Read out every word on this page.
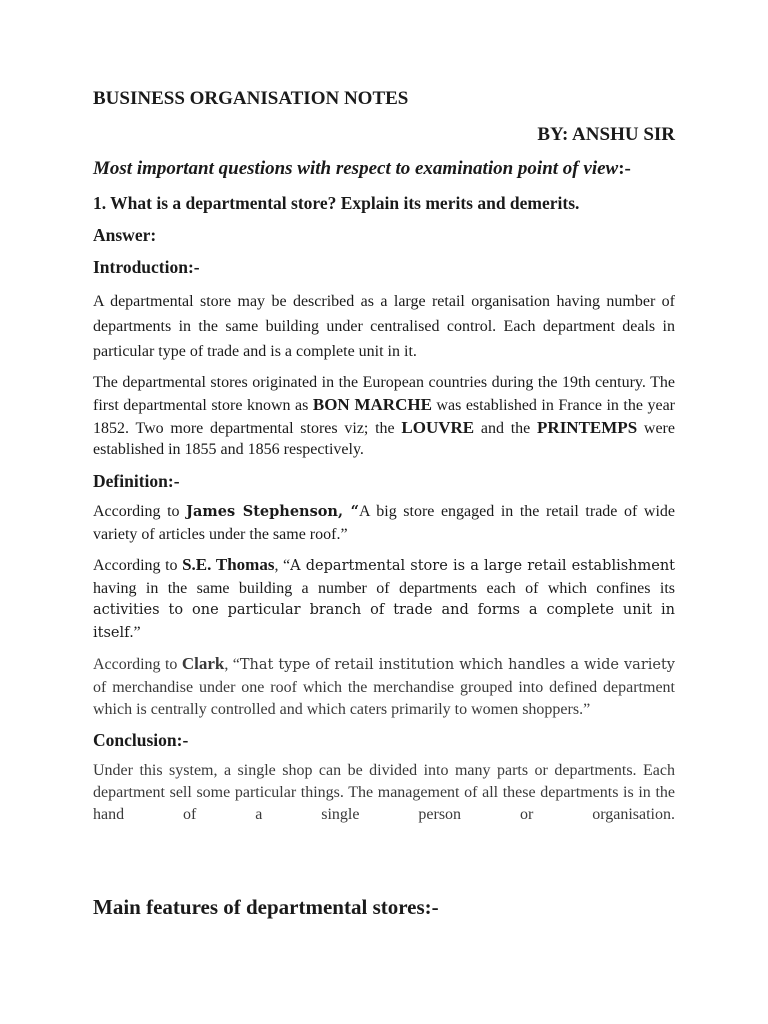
BUSINESS ORGANISATION NOTES

BY: ANSHU SIR

Most important questions with respect to examination point of view:-

1. What is a departmental store? Explain its merits and demerits.

Answer:

Introduction:-

A departmental store may be described as a large retail organisation having number of departments in the same building under centralised control. Each department deals in particular type of trade and is a complete unit in it.

The departmental stores originated in the European countries during the 19th century. The first departmental store known as BON MARCHE was established in France in the year 1852. Two more departmental stores viz; the LOUVRE and the PRINTEMPS were established in 1855 and 1856 respectively.

Definition:-

According to James Stephenson, “A big store engaged in the retail trade of wide variety of articles under the same roof.”

According to S.E. Thomas, “A departmental store is a large retail establishment having in the same building a number of departments each of which confines its activities to one particular branch of trade and forms a complete unit in itself.”

According to Clark, “That type of retail institution which handles a wide variety of merchandise under one roof which the merchandise grouped into defined department which is centrally controlled and which caters primarily to women shoppers.”

Conclusion:-

Under this system, a single shop can be divided into many parts or departments. Each department sell some particular things. The management of all these departments is in the hand of a single person or organisation.

Main features of departmental stores:-
